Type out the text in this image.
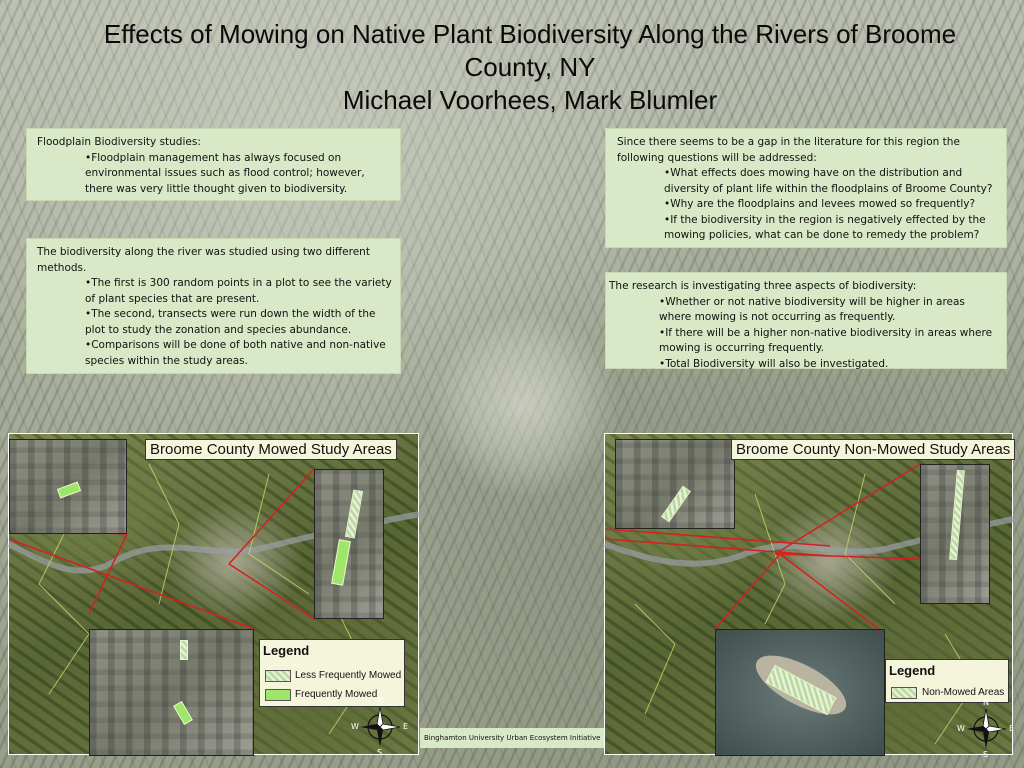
Effects of Mowing on Native Plant Biodiversity Along the Rivers of Broome
County, NY
Michael Voorhees, Mark Blumler

Floodplain Biodiversity studies:

•Floodplain management has always focused on environmental issues such as flood control; however, there was very little thought given to biodiversity.

The biodiversity along the river was studied using two different methods.

•The first is 300 random points in a plot to see the variety of plant species that are present.

•The second, transects were run down the width of the plot to study the zonation and species abundance.

•Comparisons will be done of both native and non-native species within the study areas.

Since there seems to be a gap in the literature for this region the following questions will be addressed:

•What effects does mowing have on the distribution and diversity of plant life within the floodplains of Broome County?

•Why are the floodplains and levees mowed so frequently?

•If the biodiversity in the region is negatively effected by the mowing policies, what can be done to remedy the problem?

The research is investigating three aspects of biodiversity:

•Whether or not native biodiversity will be higher in areas where mowing is not occurring as frequently.

•If there will be a higher non-native biodiversity in areas where mowing is occurring frequently.

•Total Biodiversity will also be investigated.

Broome County Mowed Study Areas
Legend
Less Frequently Mowed
Frequently Mowed
N
S
W	E
Broome County Non-Mowed Study Areas
Legend
Non-Mowed Areas
N
S
W	E
Binghamton University Urban Ecosystem Initiative
